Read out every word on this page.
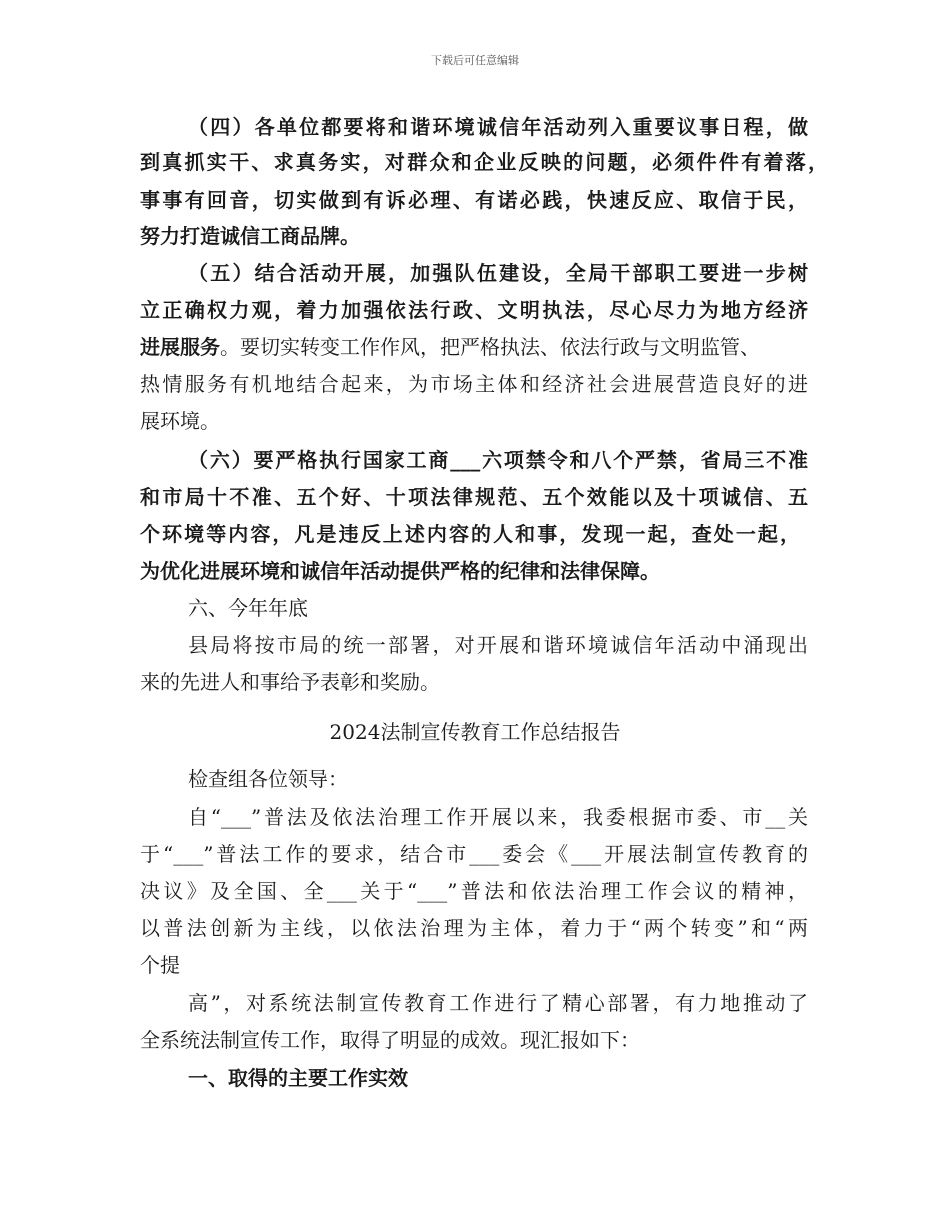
下载后可任意编辑
（四）各单位都要将和谐环境诚信年活动列入重要议事日程，做
到真抓实干、求真务实，对群众和企业反映的问题，必须件件有着落，
事事有回音，切实做到有诉必理、有诺必践，快速反应、取信于民，
努力打造诚信工商品牌。
（五）结合活动开展，加强队伍建设，全局干部职工要进一步树
立正确权力观，着力加强依法行政、文明执法，尽心尽力为地方经济
进展服务。要切实转变工作作风，把严格执法、依法行政与文明监管、
热情服务有机地结合起来，为市场主体和经济社会进展营造良好的进
展环境。
（六）要严格执行国家工商___六项禁令和八个严禁，省局三不准
和市局十不准、五个好、十项法律规范、五个效能以及十项诚信、五
个环境等内容，凡是违反上述内容的人和事，发现一起，查处一起，
为优化进展环境和诚信年活动提供严格的纪律和法律保障。
六、今年年底
县局将按市局的统一部署，对开展和谐环境诚信年活动中涌现出
来的先进人和事给予表彰和奖励。
2024法制宣传教育工作总结报告
检查组各位领导：
自“___”普法及依法治理工作开展以来，我委根据市委、市__关
于“___”普法工作的要求，结合市___委会《___开展法制宣传教育的
决议》及全国、全___关于“___”普法和依法治理工作会议的精神，
以普法创新为主线，以依法治理为主体，着力于“两个转变”和“两
个提
高”，对系统法制宣传教育工作进行了精心部署，有力地推动了
全系统法制宣传工作，取得了明显的成效。现汇报如下：
一、取得的主要工作实效
